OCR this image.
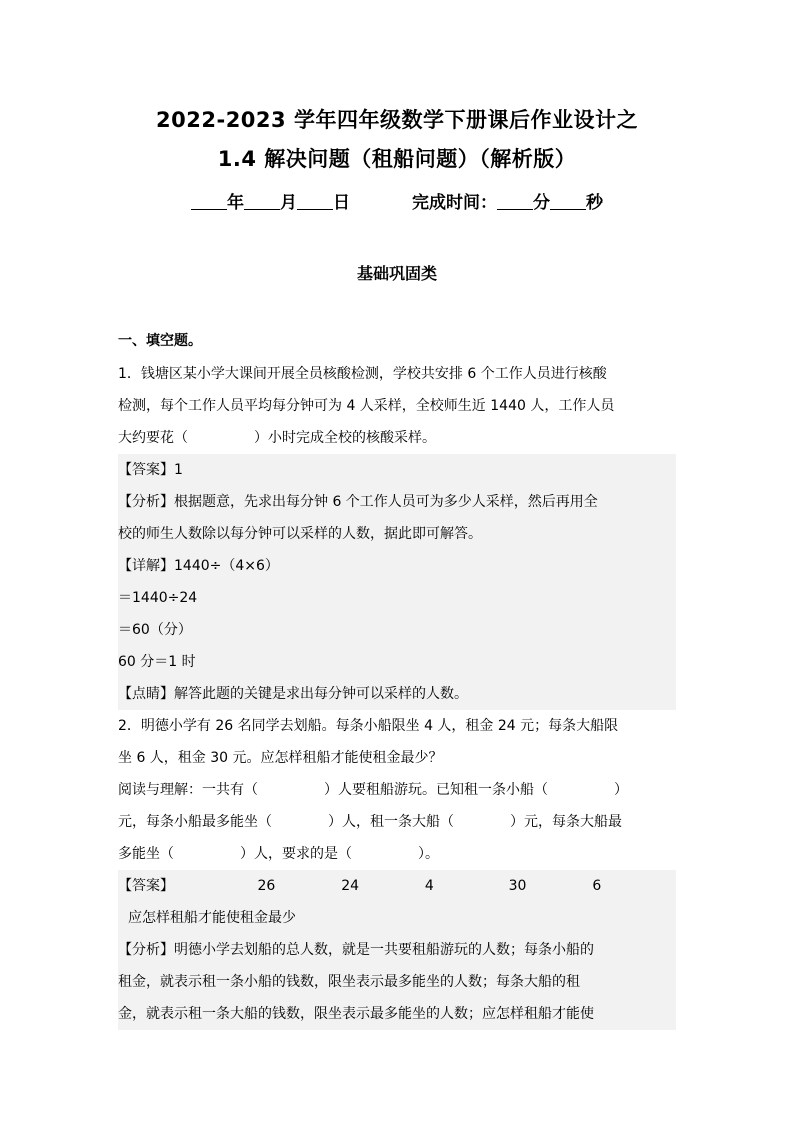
2022-2023 学年四年级数学下册课后作业设计之
1.4 解决问题（租船问题）（解析版）
年 月 日	完成时间： 分 秒
基础巩固类
一、填空题。
1．钱塘区某小学大课间开展全员核酸检测，学校共安排 6 个工作人员进行核酸
检测，每个工作人员平均每分钟可为 4 人采样，全校师生近 1440 人，工作人员
大约要花（	）小时完成全校的核酸采样。
【答案】1
【分析】根据题意，先求出每分钟 6 个工作人员可为多少人采样，然后再用全
校的师生人数除以每分钟可以采样的人数，据此即可解答。
【详解】1440÷（4×6）
＝1440÷24
＝60（分）
60 分＝1 时
【点睛】解答此题的关键是求出每分钟可以采样的人数。
2．明德小学有 26 名同学去划船。每条小船限坐 4 人，租金 24 元；每条大船限
坐 6 人，租金 30 元。应怎样租船才能使租金最少？
阅读与理解：一共有（	）人要租船游玩。已知租一条小船（	）
元，每条小船最多能坐（	）人，租一条大船（	）元，每条大船最
多能坐（	）人，要求的是（	）。
【答案】	26	24	4	30	6
应怎样租船才能使租金最少
【分析】明德小学去划船的总人数，就是一共要租船游玩的人数；每条小船的
租金，就表示租一条小船的钱数，限坐表示最多能坐的人数；每条大船的租
金，就表示租一条大船的钱数，限坐表示最多能坐的人数；应怎样租船才能使
